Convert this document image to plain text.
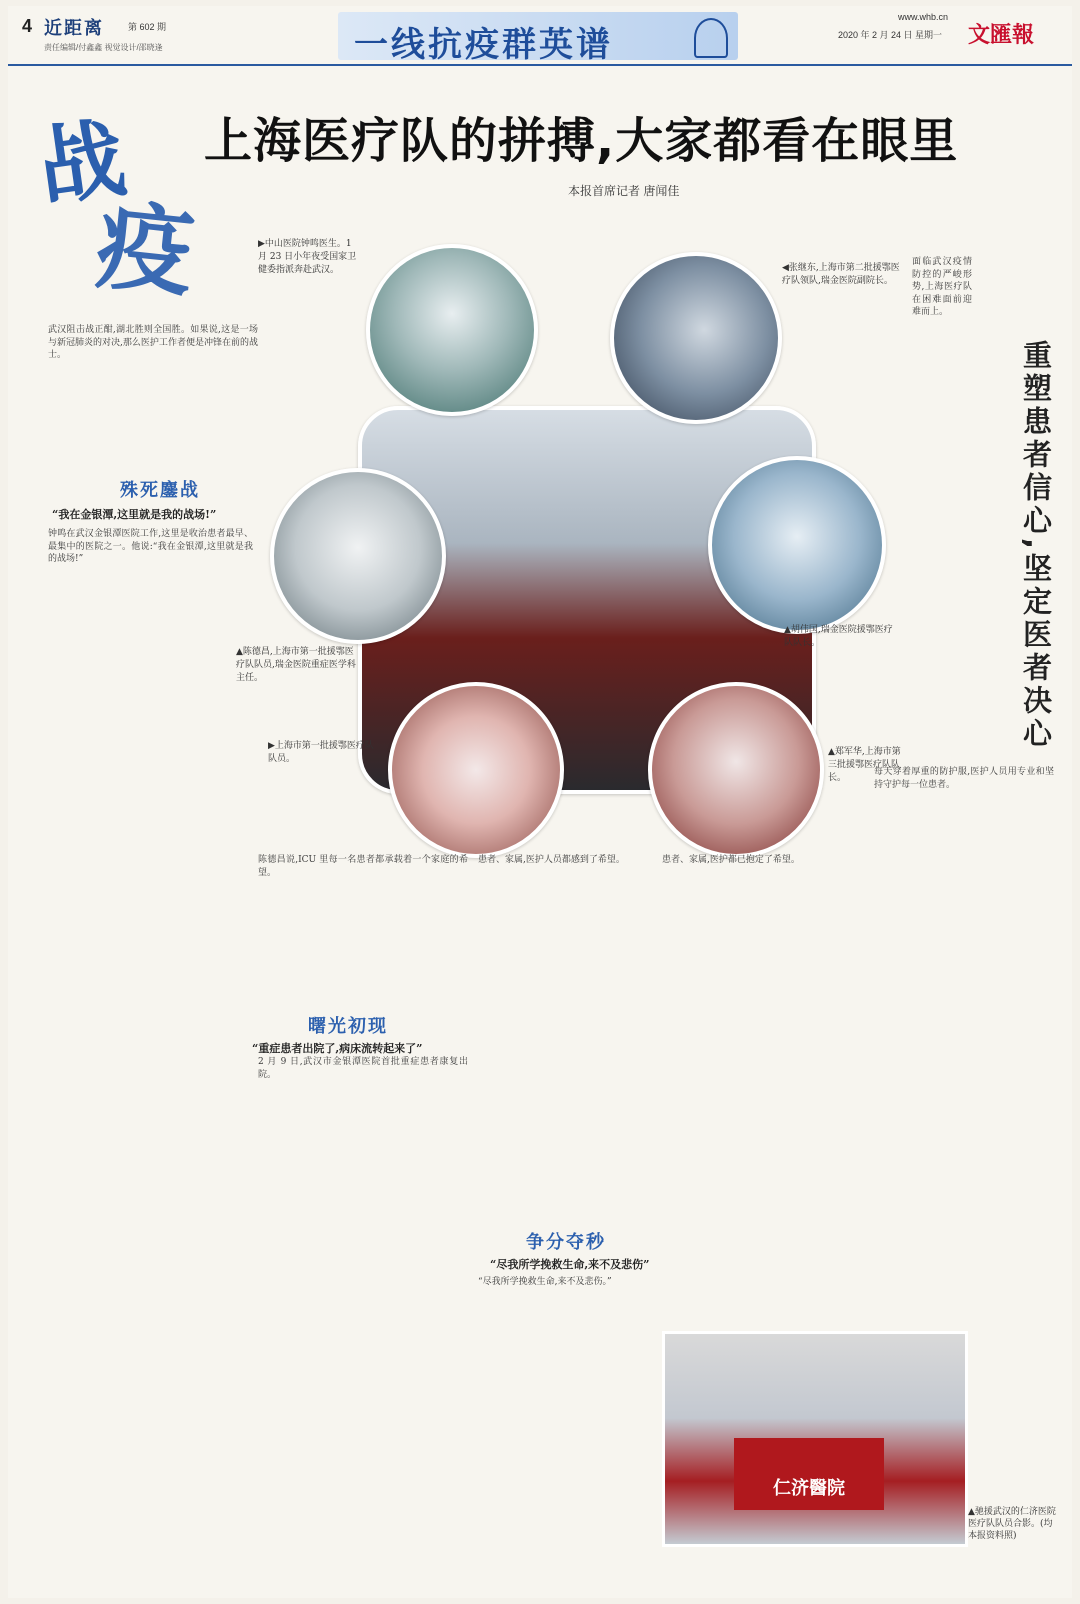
4 近距离	第 602 期
责任编辑/付鑫鑫 视觉设计/邵晓逢	一线抗疫群英谱
www.whb.cn
2020 年 2 月 24 日 星期一 文匯報
战
疫
上海医疗队的拼搏,大家都看在眼里
本报首席记者 唐闻佳
武汉阻击战正酣,湖北胜则全国胜。如果说,这是一场与新冠肺炎的对决,那么医护工作者便是冲锋在前的战士。
▶中山医院钟鸣医生。1 月 23 日小年夜受国家卫健委指派奔赴武汉。	◀张继东,上海市第二批援鄂医疗队领队,瑞金医院副院长。
▲陈德昌,上海市第一批援鄂医疗队队员,瑞金医院重症医学科主任。
▲胡伟国,瑞金医院援鄂医疗队队长。
▲郑军华,上海市第三批援鄂医疗队队长。
▶上海市第一批援鄂医疗队队员。
重塑患者信心,坚定医者决心
殊死鏖战
“我在金银潭,这里就是我的战场!”
曙光初现
“重症患者出院了,病床流转起来了”
争分夺秒
“尽我所学挽救生命,来不及悲伤”
钟鸣在武汉金银潭医院工作,这里是收治患者最早、最集中的医院之一。他说:“我在金银潭,这里就是我的战场!”
陈德昌说,ICU 里每一名患者都承载着一个家庭的希望。
2 月 9 日,武汉市金银潭医院首批重症患者康复出院。
患者、家属,医护人员都感到了希望。
“尽我所学挽救生命,来不及悲伤。”
患者、家属,医护都已抱定了希望。
面临武汉疫情防控的严峻形势,上海医疗队在困难面前迎难而上。
每天穿着厚重的防护服,医护人员用专业和坚持守护每一位患者。
仁济醫院
▲驰援武汉的仁济医院医疗队队员合影。(均本报资料照)
